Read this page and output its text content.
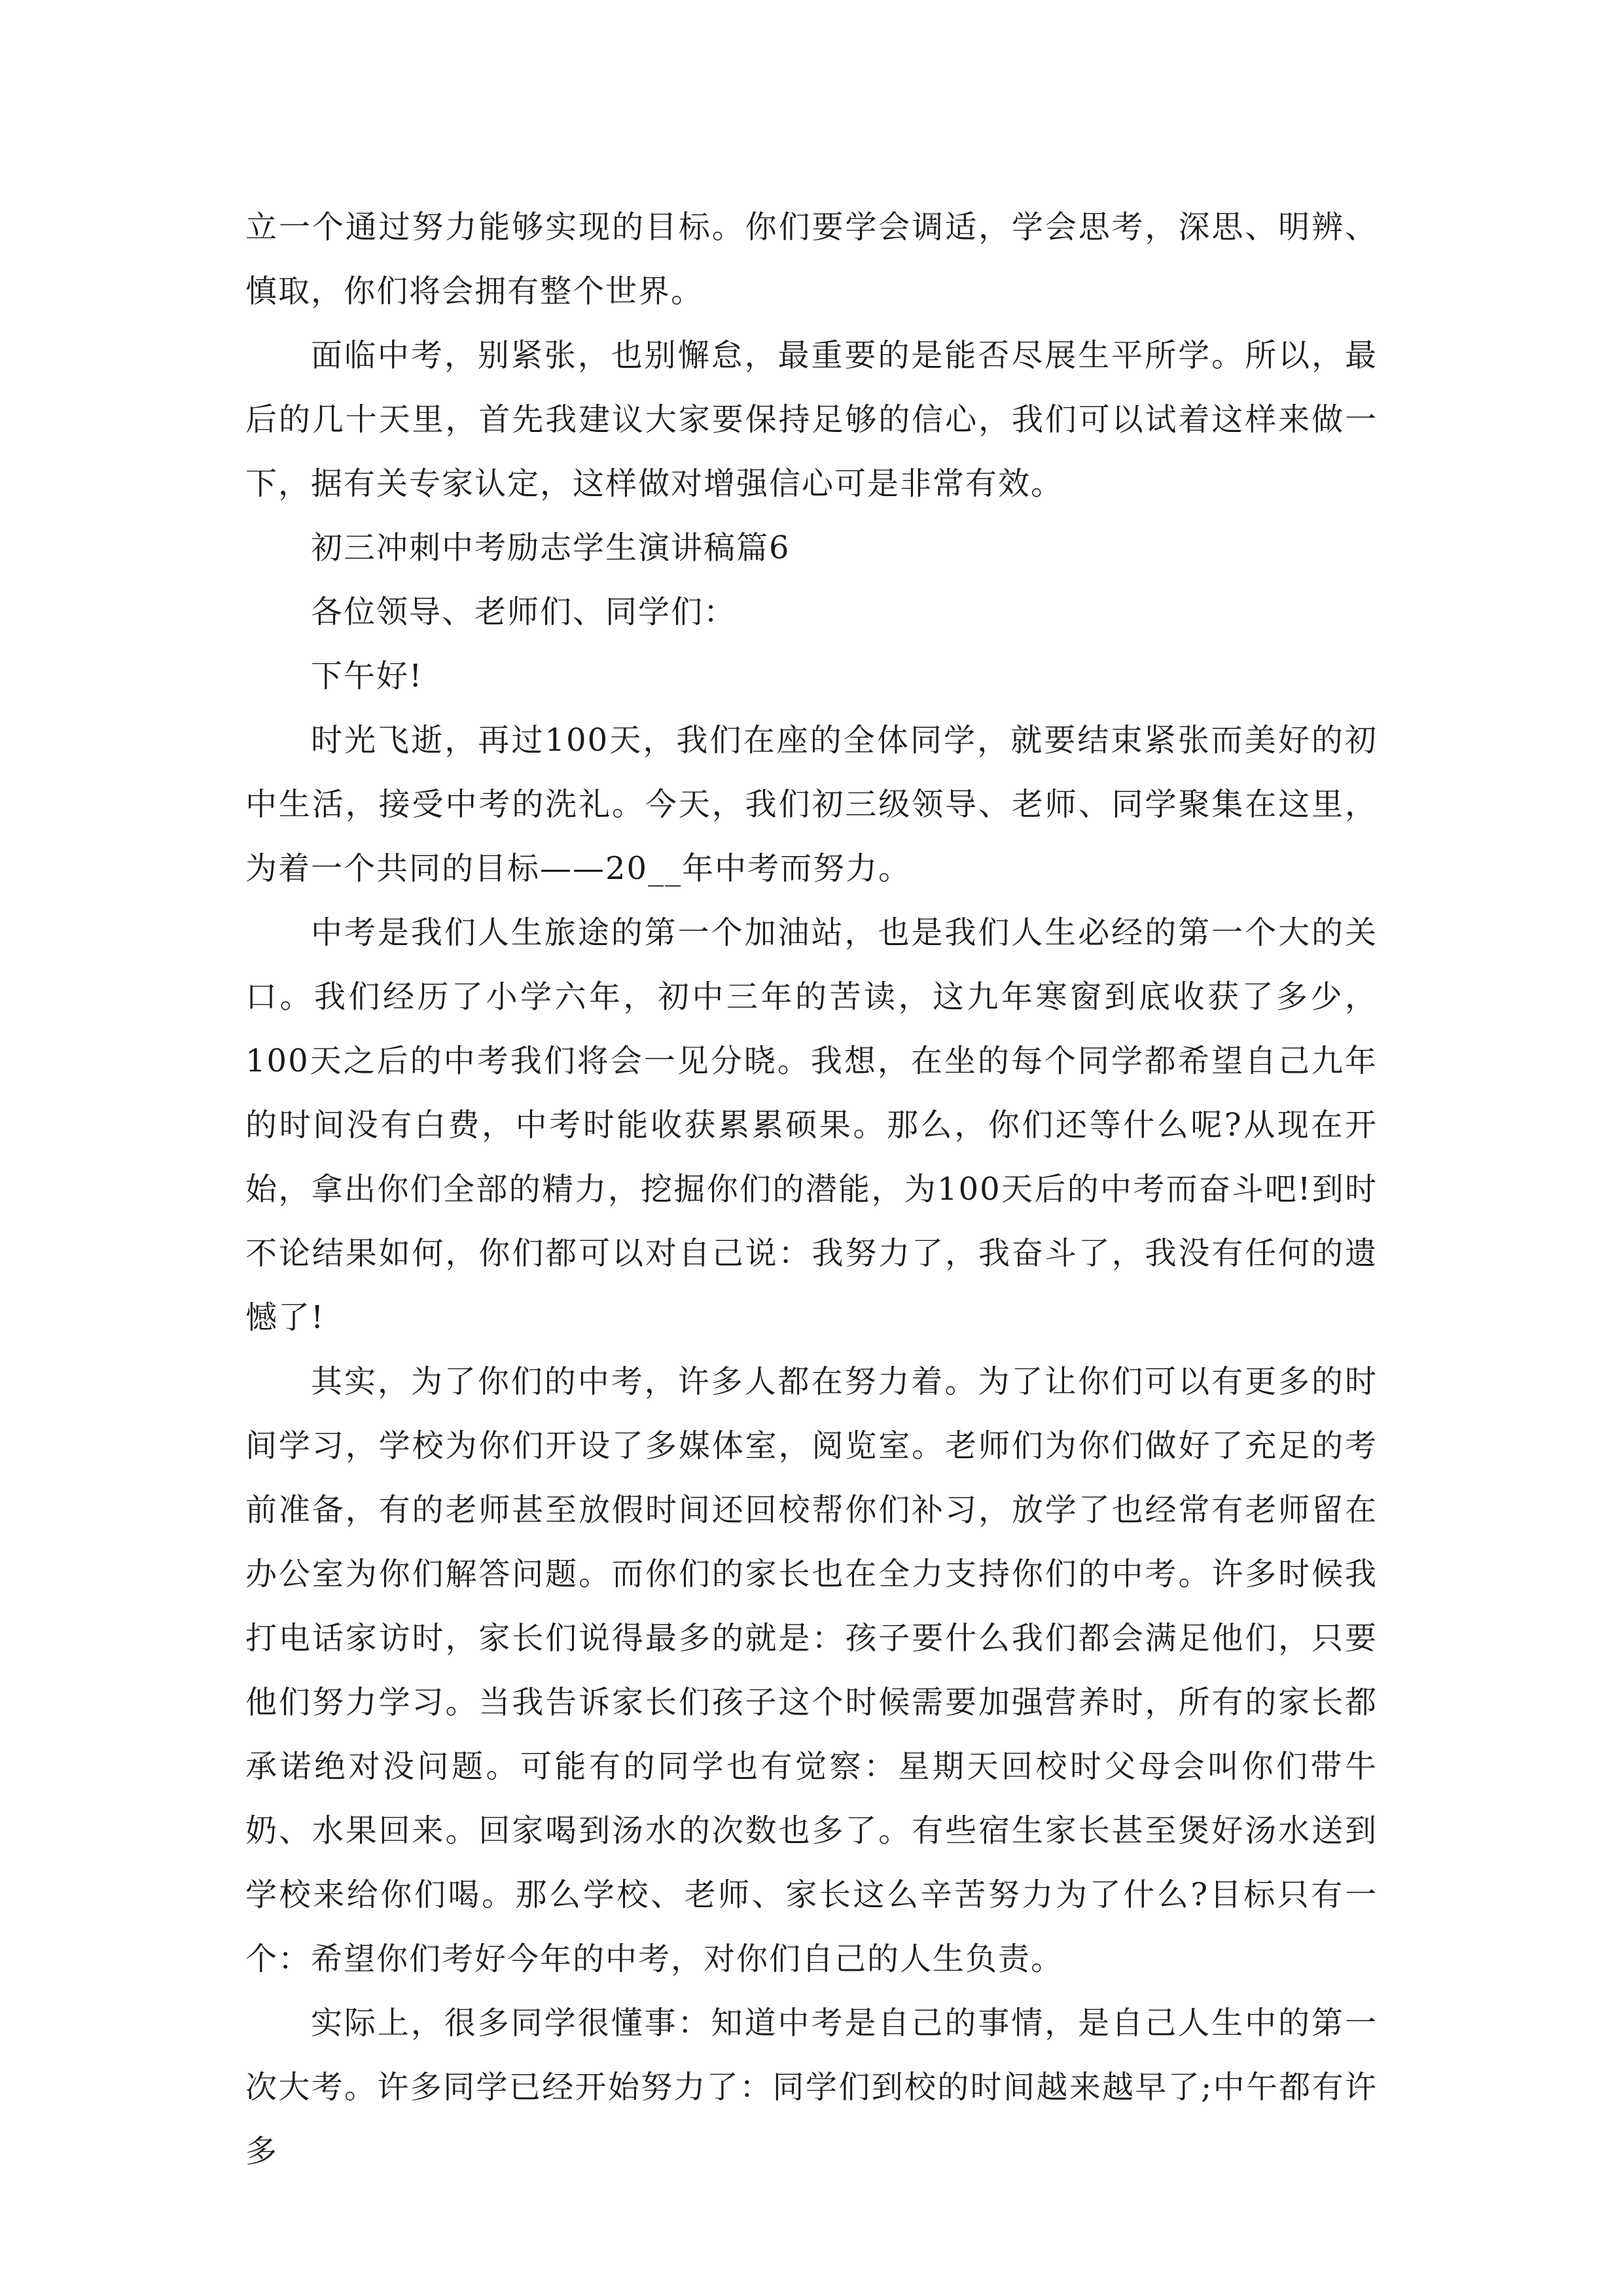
立一个通过努力能够实现的目标。你们要学会调适，学会思考，深思、明辨、慎取，你们将会拥有整个世界。

面临中考，别紧张，也别懈怠，最重要的是能否尽展生平所学。所以，最后的几十天里，首先我建议大家要保持足够的信心，我们可以试着这样来做一下，据有关专家认定，这样做对增强信心可是非常有效。

初三冲刺中考励志学生演讲稿篇6

各位领导、老师们、同学们：

下午好!

时光飞逝，再过100天，我们在座的全体同学，就要结束紧张而美好的初中生活，接受中考的洗礼。今天，我们初三级领导、老师、同学聚集在这里，为着一个共同的目标——20__年中考而努力。

中考是我们人生旅途的第一个加油站，也是我们人生必经的第一个大的关口。我们经历了小学六年，初中三年的苦读，这九年寒窗到底收获了多少，100天之后的中考我们将会一见分晓。我想，在坐的每个同学都希望自己九年的时间没有白费，中考时能收获累累硕果。那么，你们还等什么呢?从现在开始，拿出你们全部的精力，挖掘你们的潜能，为100天后的中考而奋斗吧!到时不论结果如何，你们都可以对自己说：我努力了，我奋斗了，我没有任何的遗憾了!

其实，为了你们的中考，许多人都在努力着。为了让你们可以有更多的时间学习，学校为你们开设了多媒体室，阅览室。老师们为你们做好了充足的考前准备，有的老师甚至放假时间还回校帮你们补习，放学了也经常有老师留在办公室为你们解答问题。而你们的家长也在全力支持你们的中考。许多时候我打电话家访时，家长们说得最多的就是：孩子要什么我们都会满足他们，只要他们努力学习。当我告诉家长们孩子这个时候需要加强营养时，所有的家长都承诺绝对没问题。可能有的同学也有觉察：星期天回校时父母会叫你们带牛奶、水果回来。回家喝到汤水的次数也多了。有些宿生家长甚至煲好汤水送到学校来给你们喝。那么学校、老师、家长这么辛苦努力为了什么?目标只有一个：希望你们考好今年的中考，对你们自己的人生负责。

实际上，很多同学很懂事：知道中考是自己的事情，是自己人生中的第一次大考。许多同学已经开始努力了：同学们到校的时间越来越早了;中午都有许多
